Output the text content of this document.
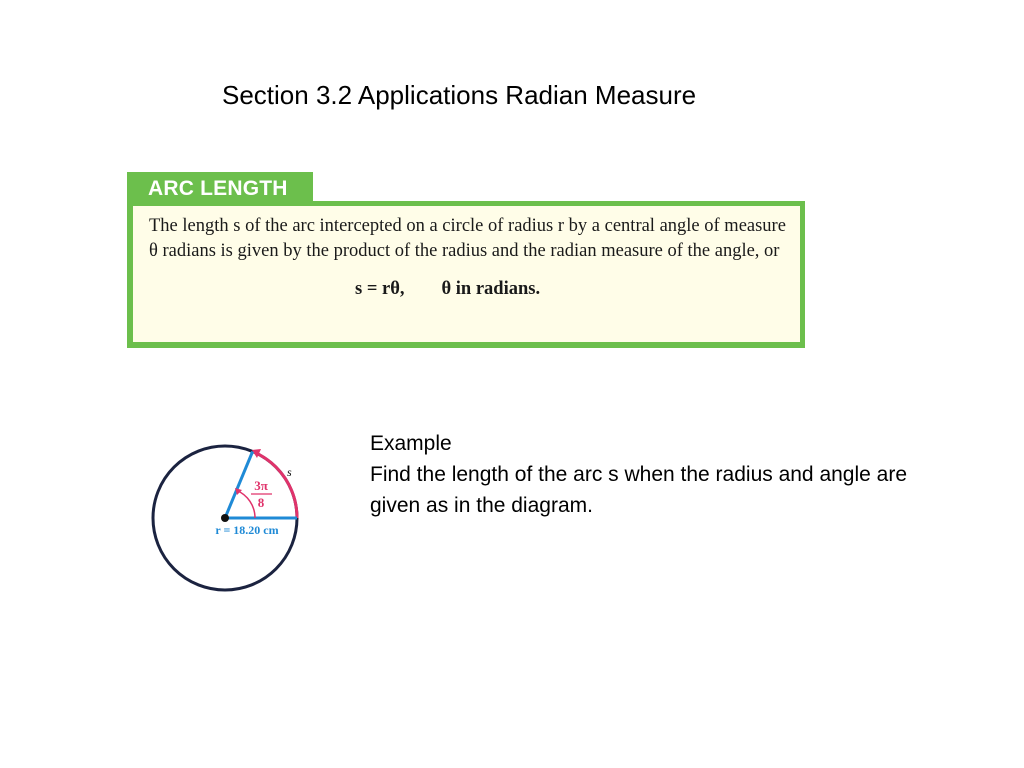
Section 3.2 Applications Radian Measure
ARC LENGTH
The length s of the arc intercepted on a circle of radius r by a central angle of measure θ radians is given by the product of the radius and the radian measure of the angle, or
s = rθ,        θ in radians.
Example
Find the length of the arc s when the radius and angle are given as in the diagram.
s
3π
8
r = 18.20 cm
